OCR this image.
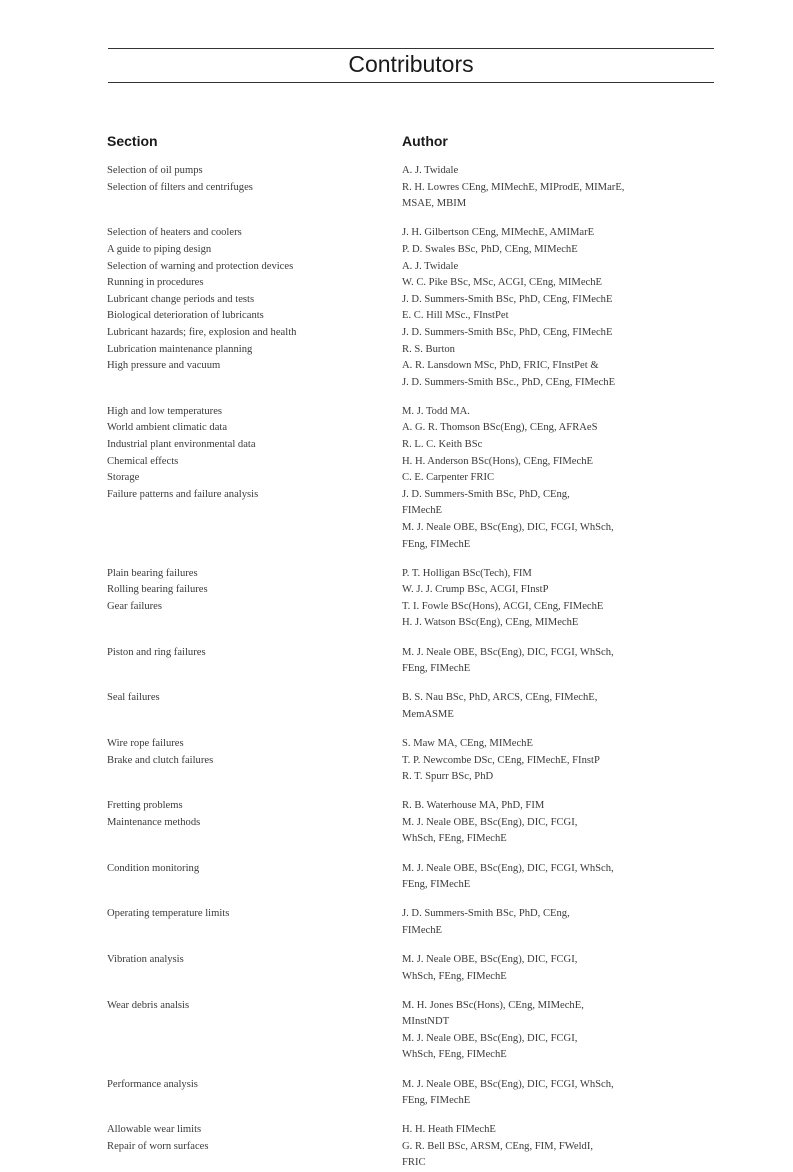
Contributors
Section	Author
Selection of oil pumps	A. J. Twidale
Selection of filters and centrifuges	R. H. Lowres CEng, MIMechE, MIProdE, MIMarE,
MSAE, MBIM
Selection of heaters and coolers	J. H. Gilbertson CEng, MIMechE, AMIMarE
A guide to piping design	P. D. Swales BSc, PhD, CEng, MIMechE
Selection of warning and protection devices	A. J. Twidale
Running in procedures	W. C. Pike BSc, MSc, ACGI, CEng, MIMechE
Lubricant change periods and tests	J. D. Summers-Smith BSc, PhD, CEng, FIMechE
Biological deterioration of lubricants	E. C. Hill MSc., FInstPet
Lubricant hazards; fire, explosion and health	J. D. Summers-Smith BSc, PhD, CEng, FIMechE
Lubrication maintenance planning	R. S. Burton
High pressure and vacuum	A. R. Lansdown MSc, PhD, FRIC, FInstPet &
J. D. Summers-Smith BSc., PhD, CEng, FIMechE
High and low temperatures	M. J. Todd MA.
World ambient climatic data	A. G. R. Thomson BSc(Eng), CEng, AFRAeS
Industrial plant environmental data	R. L. C. Keith BSc
Chemical effects	H. H. Anderson BSc(Hons), CEng, FIMechE
Storage	C. E. Carpenter FRIC
Failure patterns and failure analysis	J. D. Summers-Smith BSc, PhD, CEng,
FIMechE
M. J. Neale OBE, BSc(Eng), DIC, FCGI, WhSch,
FEng, FIMechE
Plain bearing failures	P. T. Holligan BSc(Tech), FIM
Rolling bearing failures	W. J. J. Crump BSc, ACGI, FInstP
Gear failures	T. I. Fowle BSc(Hons), ACGI, CEng, FIMechE
H. J. Watson BSc(Eng), CEng, MIMechE
Piston and ring failures	M. J. Neale OBE, BSc(Eng), DIC, FCGI, WhSch,
FEng, FIMechE
Seal failures	B. S. Nau BSc, PhD, ARCS, CEng, FIMechE,
MemASME
Wire rope failures	S. Maw MA, CEng, MIMechE
Brake and clutch failures	T. P. Newcombe DSc, CEng, FIMechE, FInstP
R. T. Spurr BSc, PhD
Fretting problems	R. B. Waterhouse MA, PhD, FIM
Maintenance methods	M. J. Neale OBE, BSc(Eng), DIC, FCGI,
WhSch, FEng, FIMechE
Condition monitoring	M. J. Neale OBE, BSc(Eng), DIC, FCGI, WhSch,
FEng, FIMechE
Operating temperature limits	J. D. Summers-Smith BSc, PhD, CEng,
FIMechE
Vibration analysis	M. J. Neale OBE, BSc(Eng), DIC, FCGI,
WhSch, FEng, FIMechE
Wear debris analsis	M. H. Jones BSc(Hons), CEng, MIMechE,
MInstNDT
M. J. Neale OBE, BSc(Eng), DIC, FCGI,
WhSch, FEng, FIMechE
Performance analysis	M. J. Neale OBE, BSc(Eng), DIC, FCGI, WhSch,
FEng, FIMechE
Allowable wear limits	H. H. Heath FIMechE
Repair of worn surfaces	G. R. Bell BSc, ARSM, CEng, FIM, FWeldI,
FRIC
